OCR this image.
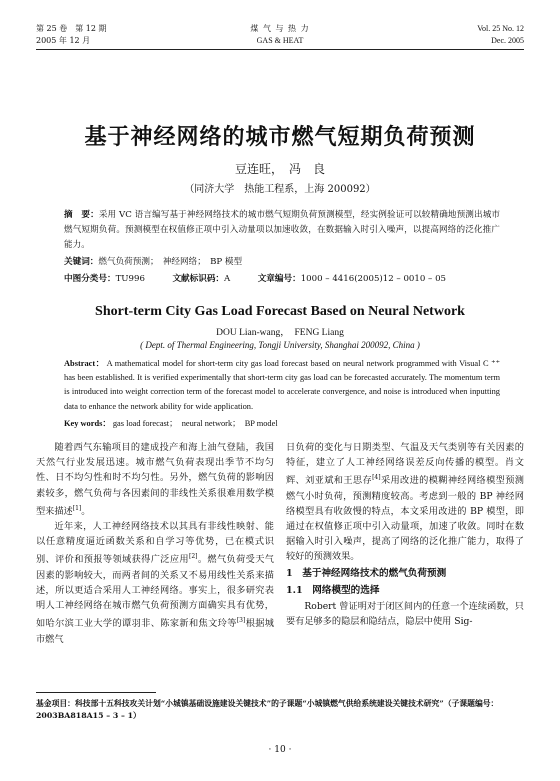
第 25 卷　第 12 期
2005 年 12 月
煤 气 与 热 力
GAS & HEAT
Vol. 25 No. 12
Dec. 2005
基于神经网络的城市燃气短期负荷预测
豆连旺，　冯　良
（同济大学　热能工程系，上海 200092）
摘　要：采用 VC 语言编写基于神经网络技术的城市燃气短期负荷预测模型，经实例验证可以较精确地预测出城市燃气短期负荷。预测模型在权值修正项中引入动量项以加速收敛，在数据输入时引入噪声，以提高网络的泛化推广能力。
关键词：燃气负荷预测；　神经网络；　BP 模型
中图分类号：TU996	文献标识码：A	文章编号：1000 – 4416(2005)12 – 0010 – 05
Short-term City Gas Load Forecast Based on Neural Network
DOU Lian-wang，　FENG Liang
( Dept. of Thermal Engineering, Tongji University, Shanghai 200092, China )
Abstract： A mathematical model for short-term city gas load forecast based on neural network programmed with Visual C ⁺⁺ has been established. It is verified experimentally that short-term city gas load can be forecasted accurately. The momentum term is introduced into weight correction term of the forecast model to accelerate convergence, and noise is introduced when inputting data to enhance the network ability for wide application.
Key words： gas load forecast；　neural network；　BP model

随着西气东输项目的建成投产和海上油气登陆，我国天然气行业发展迅速。城市燃气负荷表现出季节不均匀性、日不均匀性和时不均匀性。另外，燃气负荷的影响因素较多，燃气负荷与各因素间的非线性关系很难用数学模型来描述[1]。

近年来，人工神经网络技术以其具有非线性映射、能以任意精度逼近函数关系和自学习等优势，已在模式识别、评价和预报等领域获得广泛应用[2]。燃气负荷受天气因素的影响较大，而两者间的关系又不易用线性关系来描述，所以更适合采用人工神经网络。事实上，很多研究表明人工神经网络在城市燃气负荷预测方面确实具有优势，如哈尔滨工业大学的谭羽非、陈家新和焦文玲等[3]根据城市燃气

日负荷的变化与日期类型、气温及天气类别等有关因素的特征，建立了人工神经网络误差反向传播的模型。肖文辉、刘亚斌和王思存[4]采用改进的模糊神经网络模型预测燃气小时负荷，预测精度较高。考虑到一般的 BP 神经网络模型具有收敛慢的特点，本文采用改进的 BP 模型，即通过在权值修正项中引入动量项，加速了收敛。同时在数据输入时引入噪声，提高了网络的泛化推广能力，取得了较好的预测效果。

1　基于神经网络技术的燃气负荷预测

1.1　网络模型的选择

Robert 曾证明对于闭区间内的任意一个连续函数，只要有足够多的隐层和隐结点，隐层中使用 Sig-

基金项目：科技部十五科技攻关计划“小城镇基础设施建设关键技术”的子课题“小城镇燃气供给系统建设关键技术研究”（子课题编号：2003BA818A15 – 3 – 1）
· 10 ·
